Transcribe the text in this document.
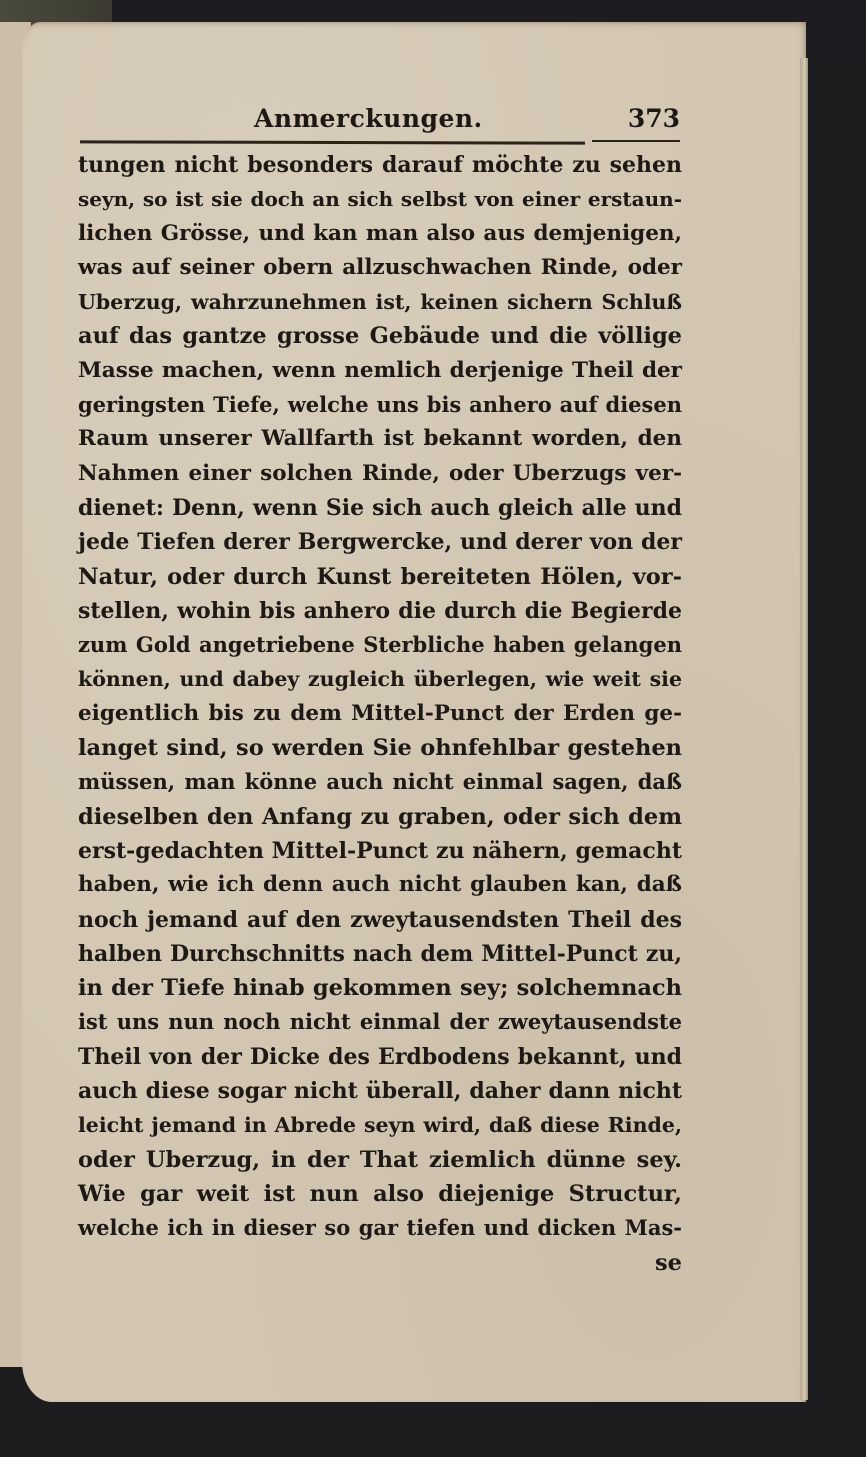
Anmerckungen.	373
tungen nicht besonders darauf möchte zu sehen
seyn, so ist sie doch an sich selbst von einer erstaun-
lichen Grösse, und kan man also aus demjenigen,
was auf seiner obern allzuschwachen Rinde, oder
Uberzug, wahrzunehmen ist, keinen sichern Schluß
auf das gantze grosse Gebäude und die völlige
Masse machen, wenn nemlich derjenige Theil der
geringsten Tiefe, welche uns bis anhero auf diesen
Raum unserer Wallfarth ist bekannt worden, den
Nahmen einer solchen Rinde, oder Uberzugs ver-
dienet: Denn, wenn Sie sich auch gleich alle und
jede Tiefen derer Bergwercke, und derer von der
Natur, oder durch Kunst bereiteten Hölen, vor-
stellen, wohin bis anhero die durch die Begierde
zum Gold angetriebene Sterbliche haben gelangen
können, und dabey zugleich überlegen, wie weit sie
eigentlich bis zu dem Mittel-Punct der Erden ge-
langet sind, so werden Sie ohnfehlbar gestehen
müssen, man könne auch nicht einmal sagen, daß
dieselben den Anfang zu graben, oder sich dem
erst-gedachten Mittel-Punct zu nähern, gemacht
haben, wie ich denn auch nicht glauben kan, daß
noch jemand auf den zweytausendsten Theil des
halben Durchschnitts nach dem Mittel-Punct zu,
in der Tiefe hinab gekommen sey; solchemnach
ist uns nun noch nicht einmal der zweytausendste
Theil von der Dicke des Erdbodens bekannt, und
auch diese sogar nicht überall, daher dann nicht
leicht jemand in Abrede seyn wird, daß diese Rinde,
oder Uberzug, in der That ziemlich dünne sey.
Wie gar weit ist nun also diejenige Structur,
welche ich in dieser so gar tiefen und dicken Mas-
se
